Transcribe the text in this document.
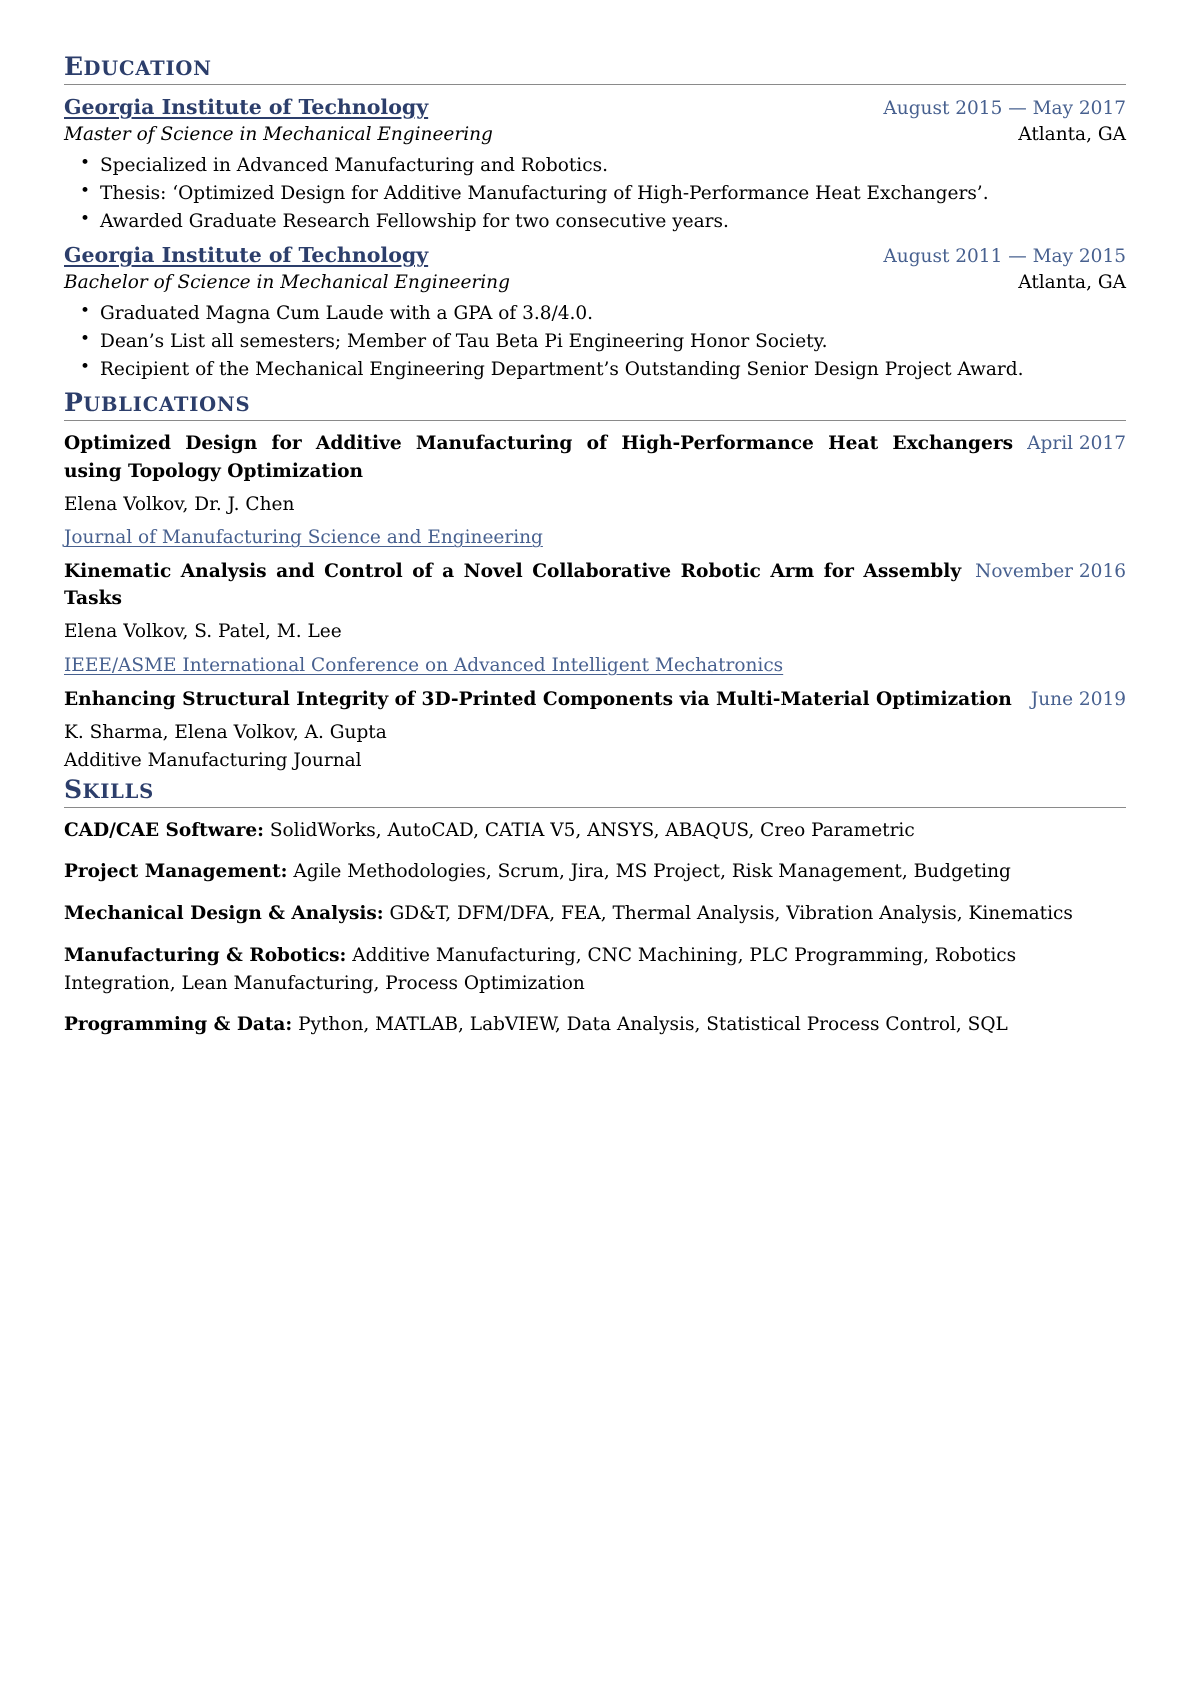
EDUCATION
Georgia Institute of Technology	August 2015 — May 2017
Master of Science in Mechanical Engineering	Atlanta, GA
• Specialized in Advanced Manufacturing and Robotics.
• Thesis: ‘Optimized Design for Additive Manufacturing of High-Performance Heat Exchangers’.
• Awarded Graduate Research Fellowship for two consecutive years.
Georgia Institute of Technology	August 2011 — May 2015
Bachelor of Science in Mechanical Engineering	Atlanta, GA
• Graduated Magna Cum Laude with a GPA of 3.8/4.0.
• Dean’s List all semesters; Member of Tau Beta Pi Engineering Honor Society.
• Recipient of the Mechanical Engineering Department’s Outstanding Senior Design Project Award.
PUBLICATIONS
Optimized Design for Additive Manufacturing of High-Performance Heat Exchangers using Topology Optimization
April 2017
Elena Volkov, Dr. J. Chen
Journal of Manufacturing Science and Engineering
Kinematic Analysis and Control of a Novel Collaborative Robotic Arm for Assembly Tasks
November 2016
Elena Volkov, S. Patel, M. Lee
IEEE/ASME International Conference on Advanced Intelligent Mechatronics
Enhancing Structural Integrity of 3D-Printed Components via Multi-Material Optimization June 2019
K. Sharma, Elena Volkov, A. Gupta
Additive Manufacturing Journal
SKILLS
CAD/CAE Software: SolidWorks, AutoCAD, CATIA V5, ANSYS, ABAQUS, Creo Parametric
Project Management: Agile Methodologies, Scrum, Jira, MS Project, Risk Management, Budgeting
Mechanical Design & Analysis: GD&T, DFM/DFA, FEA, Thermal Analysis, Vibration Analysis, Kinematics
Manufacturing & Robotics: Additive Manufacturing, CNC Machining, PLC Programming, Robotics Integration, Lean Manufacturing, Process Optimization
Programming & Data: Python, MATLAB, LabVIEW, Data Analysis, Statistical Process Control, SQL
